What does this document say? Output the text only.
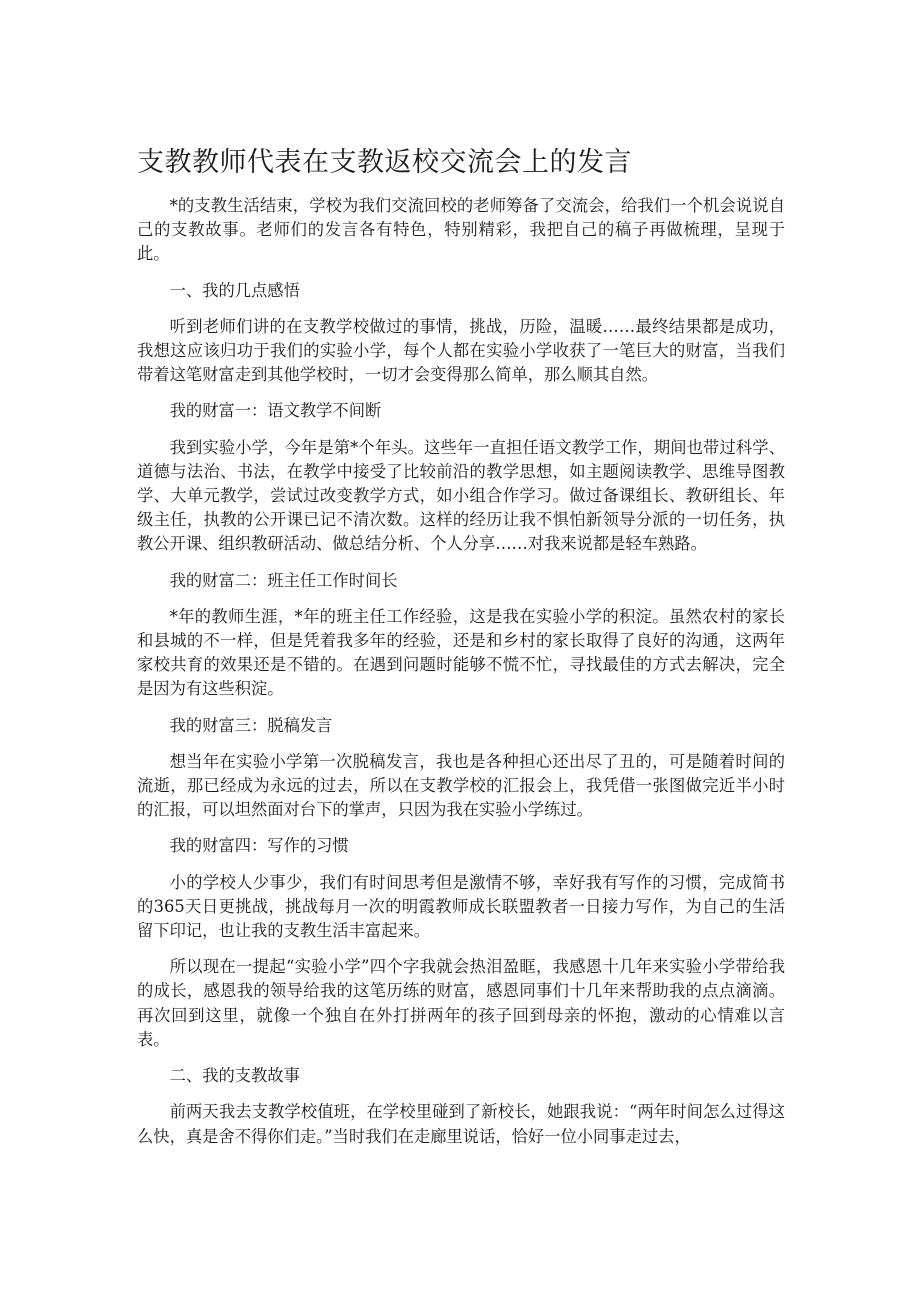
支教教师代表在支教返校交流会上的发言

*的支教生活结束，学校为我们交流回校的老师筹备了交流会，给我们一个机会说说自己的支教故事。老师们的发言各有特色，特别精彩，我把自己的稿子再做梳理，呈现于此。

一、我的几点感悟

听到老师们讲的在支教学校做过的事情，挑战，历险，温暖……最终结果都是成功，我想这应该归功于我们的实验小学，每个人都在实验小学收获了一笔巨大的财富，当我们带着这笔财富走到其他学校时，一切才会变得那么简单，那么顺其自然。

我的财富一：语文教学不间断

我到实验小学，今年是第*个年头。这些年一直担任语文教学工作，期间也带过科学、道德与法治、书法，在教学中接受了比较前沿的教学思想，如主题阅读教学、思维导图教学、大单元教学，尝试过改变教学方式，如小组合作学习。做过备课组长、教研组长、年级主任，执教的公开课已记不清次数。这样的经历让我不惧怕新领导分派的一切任务，执教公开课、组织教研活动、做总结分析、个人分享……对我来说都是轻车熟路。

我的财富二：班主任工作时间长

*年的教师生涯，*年的班主任工作经验，这是我在实验小学的积淀。虽然农村的家长和县城的不一样，但是凭着我多年的经验，还是和乡村的家长取得了良好的沟通，这两年家校共育的效果还是不错的。在遇到问题时能够不慌不忙，寻找最佳的方式去解决，完全是因为有这些积淀。

我的财富三：脱稿发言

想当年在实验小学第一次脱稿发言，我也是各种担心还出尽了丑的，可是随着时间的流逝，那已经成为永远的过去，所以在支教学校的汇报会上，我凭借一张图做完近半小时的汇报，可以坦然面对台下的掌声，只因为我在实验小学练过。

我的财富四：写作的习惯

小的学校人少事少，我们有时间思考但是激情不够，幸好我有写作的习惯，完成简书的365天日更挑战，挑战每月一次的明霞教师成长联盟教者一日接力写作，为自己的生活留下印记，也让我的支教生活丰富起来。

所以现在一提起“实验小学”四个字我就会热泪盈眶，我感恩十几年来实验小学带给我的成长，感恩我的领导给我的这笔历练的财富，感恩同事们十几年来帮助我的点点滴滴。再次回到这里，就像一个独自在外打拼两年的孩子回到母亲的怀抱，激动的心情难以言表。

二、我的支教故事

前两天我去支教学校值班，在学校里碰到了新校长，她跟我说：“两年时间怎么过得这么快，真是舍不得你们走。”当时我们在走廊里说话，恰好一位小同事走过去，
